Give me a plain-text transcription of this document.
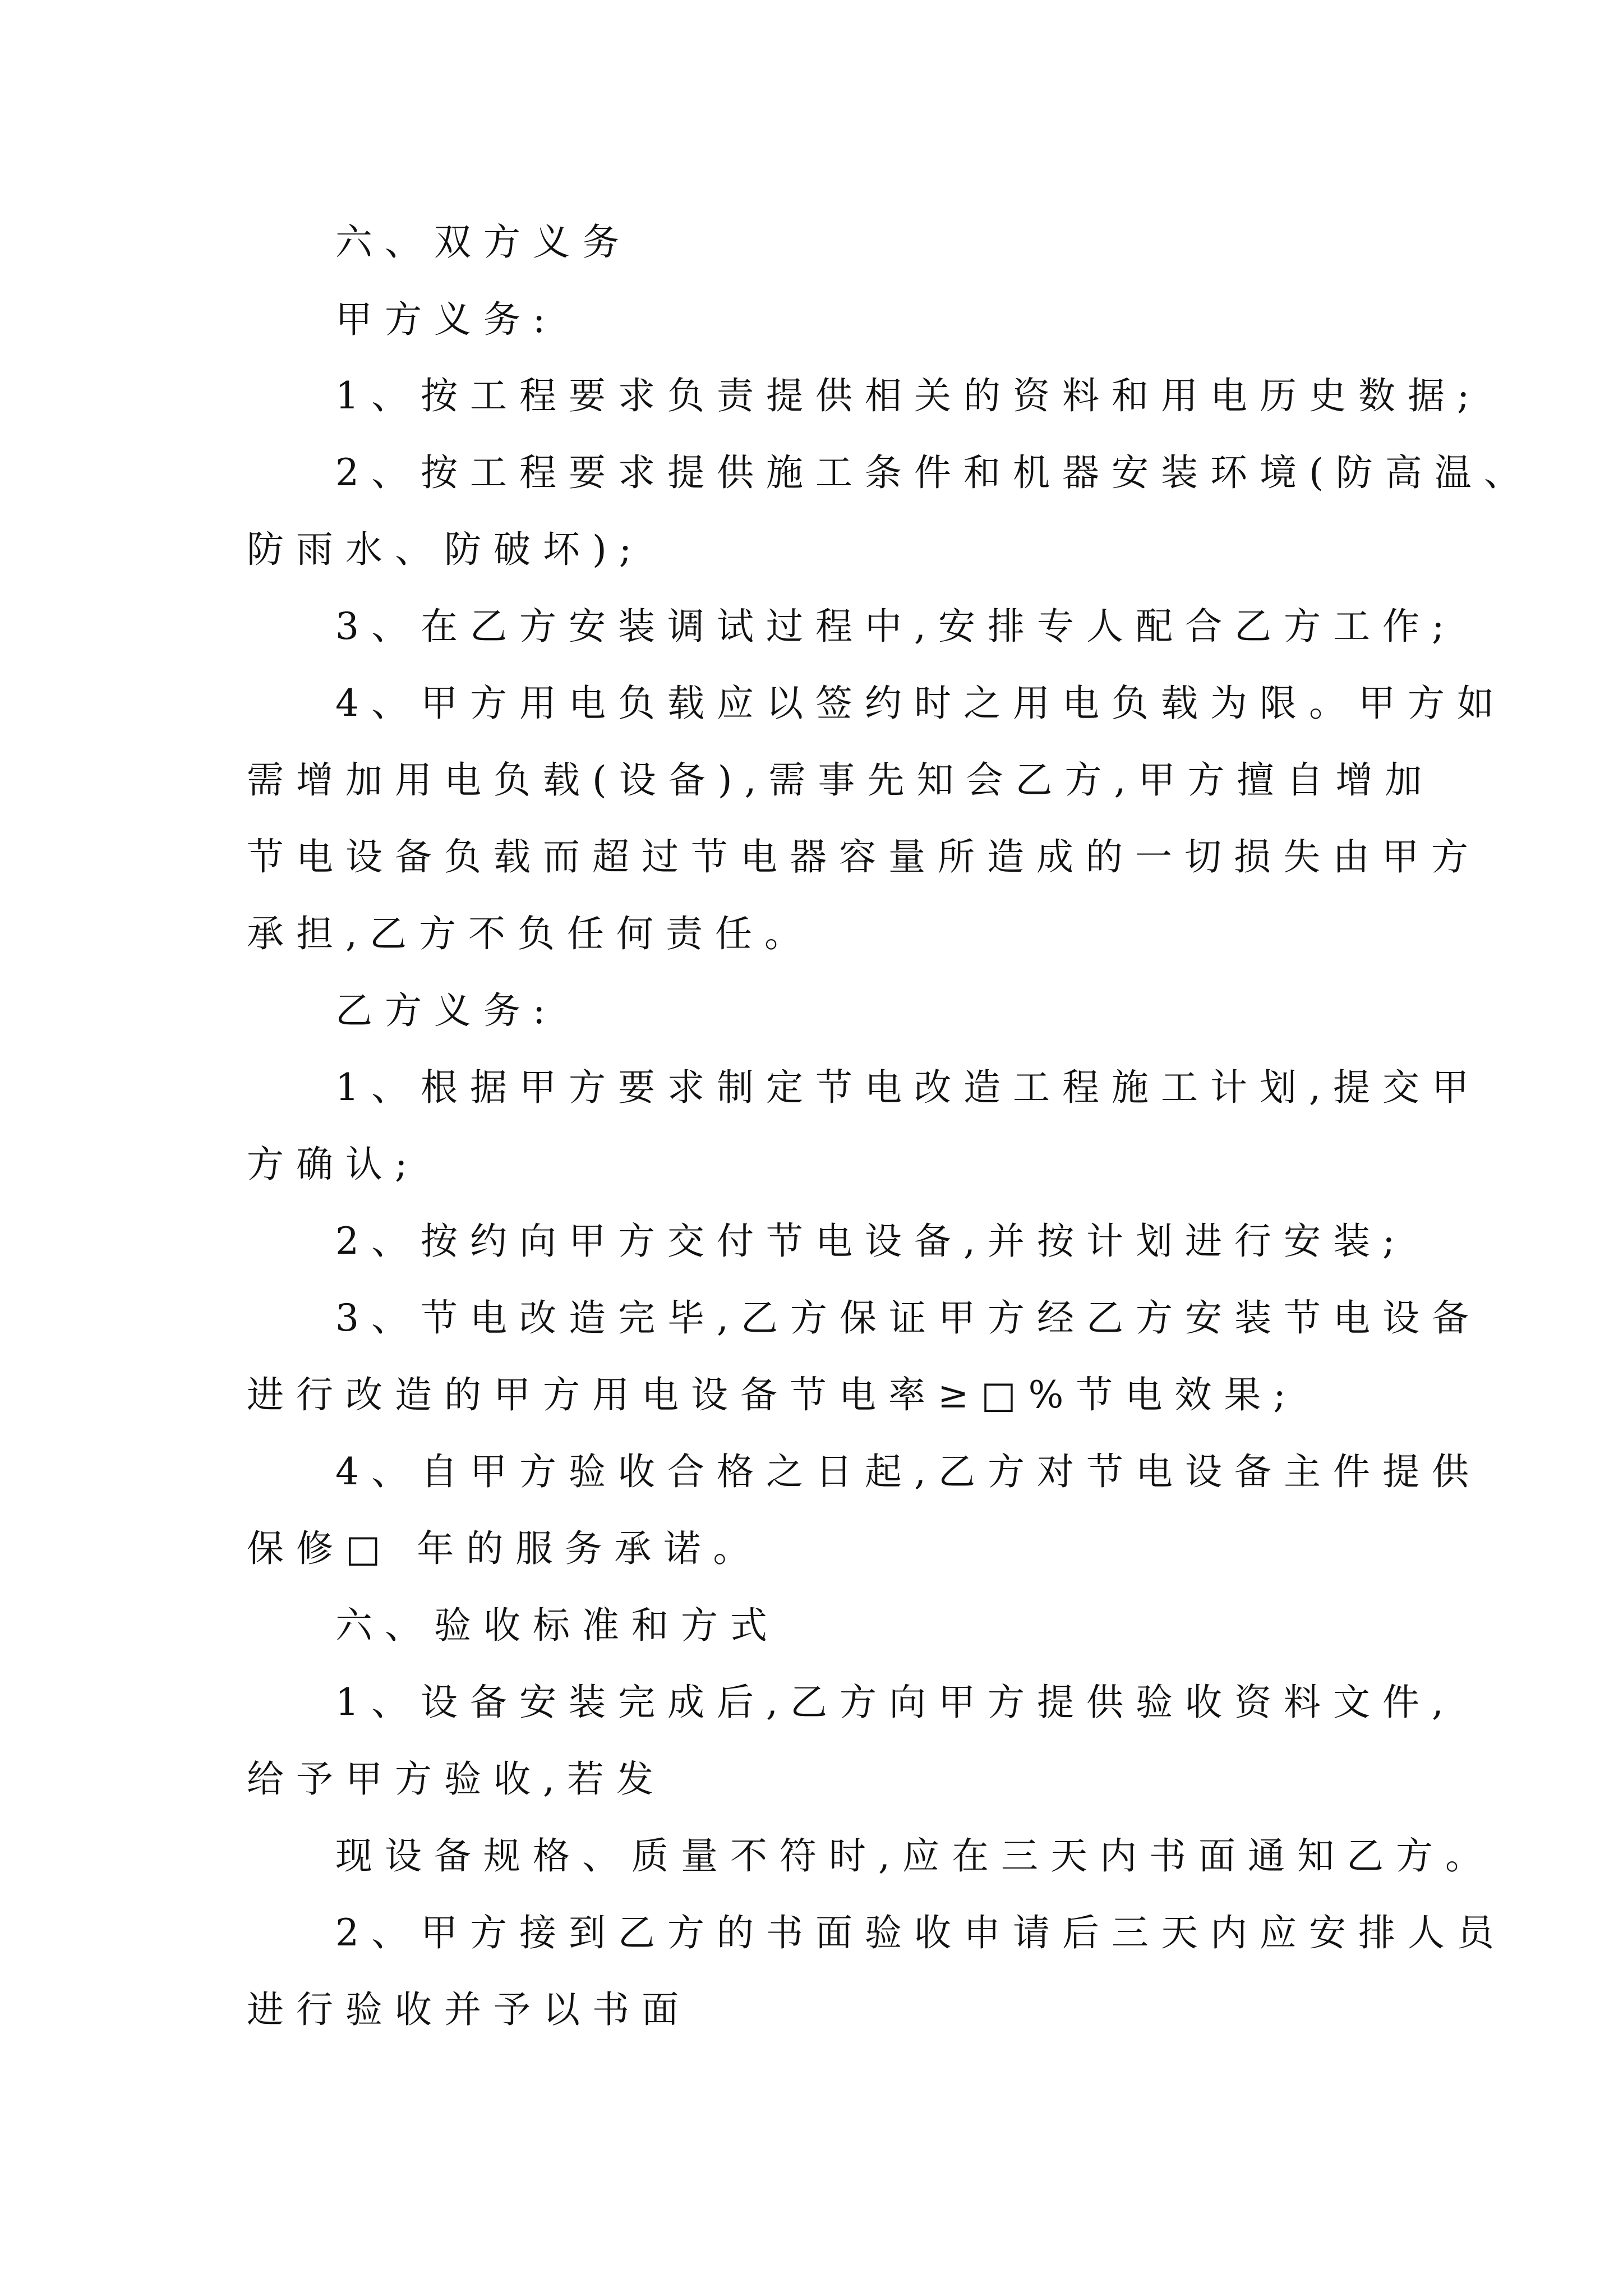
六、双方义务

甲方义务:

1、按工程要求负责提供相关的资料和用电历史数据;

2、按工程要求提供施工条件和机器安装环境(防高温、

防雨水、防破坏);

3、在乙方安装调试过程中,安排专人配合乙方工作;

4、甲方用电负载应以签约时之用电负载为限。甲方如

需增加用电负载(设备),需事先知会乙方,甲方擅自增加

节电设备负载而超过节电器容量所造成的一切损失由甲方

承担,乙方不负任何责任。

乙方义务:

1、根据甲方要求制定节电改造工程施工计划,提交甲

方确认;

2、按约向甲方交付节电设备,并按计划进行安装;

3、节电改造完毕,乙方保证甲方经乙方安装节电设备

进行改造的甲方用电设备节电率≥□%节电效果;

4、自甲方验收合格之日起,乙方对节电设备主件提供

保修□ 年的服务承诺。

六、验收标准和方式

1、设备安装完成后,乙方向甲方提供验收资料文件,

给予甲方验收,若发

现设备规格、质量不符时,应在三天内书面通知乙方。

2、甲方接到乙方的书面验收申请后三天内应安排人员

进行验收并予以书面
